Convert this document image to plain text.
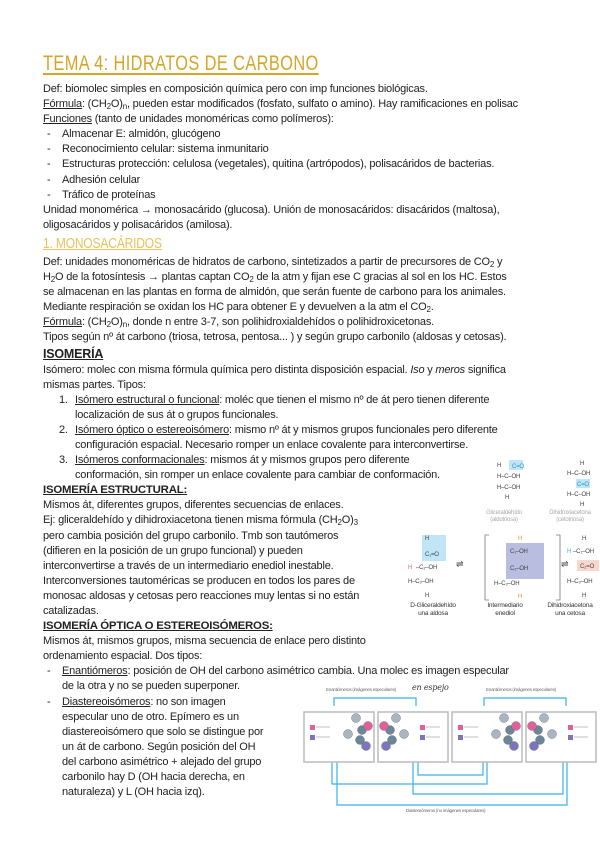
TEMA 4: HIDRATOS DE CARBONO
Def: biomolec simples en composición química pero con imp funciones biológicas.
Fórmula: $(CH_2O)_n$, pueden estar modificados (fosfato, sulfato o amino). Hay ramificaciones en polisac
Funciones (tanto de unidades monoméricas como polímeros):
- Almacenar E: almidón, glucógeno
- Reconocimiento celular: sistema inmunitario
- Estructuras protección: celulosa (vegetales), quitina (artrópodos), polisacáridos de bacterias.
- Adhesión celular
- Tráfico de proteínas
Unidad monomérica → monosacárido (glucosa). Unión de monosacáridos: disacáridos (maltosa),
oligosacáridos y polisacáridos (amilosa).
1. MONOSACÁRIDOS
Def: unidades monoméricas de hidratos de carbono, sintetizados a partir de precursores de $CO_2$ y
$H_2O$ de la fotosíntesis → plantas captan $CO_2$ de la atm y fijan ese C gracias al sol en los HC. Estos
se almacenan en las plantas en forma de almidón, que serán fuente de carbono para los animales.
Mediante respiración se oxidan los HC para obtener E y devuelven a la atm el $CO_2$.
Fórmula: $(CH_2O)_n$, donde n entre 3-7, son polihidroxialdehídos o polihidroxicetonas.
Tipos según nº át carbono (triosa, tetrosa, pentosa... ) y según grupo carbonilo (aldosas y cetosas).
ISOMERÍA
Isómero: molec con misma fórmula química pero distinta disposición espacial. Iso y meros significa
mismas partes. Tipos:
1. Isómero estructural o funcional: moléc que tienen el mismo nº de át pero tienen diferente
localización de sus át o grupos funcionales.
2. Isómero óptico o estereoisómero: mismo nº át y mismos grupos funcionales pero diferente
configuración espacial. Necesario romper un enlace covalente para interconvertirse.
3. Isómeros conformacionales: mismos át y mismos grupos pero diferente
conformación, sin romper un enlace covalente para cambiar de conformación.
ISOMERÍA ESTRUCTURAL:
Mismos át, diferentes grupos, diferentes secuencias de enlaces.
Ej: gliceraldehído y dihidroxiacetona tienen misma fórmula $(CH_2O)_3$
pero cambia posición del grupo carbonilo. Tmb son tautómeros
(difieren en la posición de un grupo funcional) y pueden
interconvertirse a través de un intermediario enediol inestable.
Interconversiones tautoméricas se producen en todos los pares de
monosac aldosas y cetosas pero reacciones muy lentas si no están
catalizadas.
ISOMERÍA ÓPTICA O ESTEREOISÓMEROS:
Mismos át, mismos grupos, misma secuencia de enlace pero distinto
ordenamiento espacial. Dos tipos:
- Enantiómeros: posición de OH del carbono asimétrico cambia. Una molec es imagen especular
de la otra y no se pueden superponer.
- Diastereoisómeros: no son imagen
especular uno de otro. Epímero es un
diastereoisómero que solo se distingue por
un át de carbono. Según posición del OH
del carbono asimétrico + alejado del grupo
carbonilo hay D (OH hacia derecha, en
naturaleza) y L (OH hacia izq).
H C=O
H–C–OH
H–C–OH
H
H
H–C–OH
C=O
H–C–OH
H
H
C₁=O
H –C₂–OH
H–C₃–OH
H
⇌
H
C₁–OH
C₂–OH
H–C₃–OH
H
⇌
H
H –C₁–OH
C₂=O
H–C₃–OH
H
Gliceraldehído (aldotriosa)
Dihidroxiacetona (cetotriosa)
D-Gliceraldehído
una aldosa
Intermediario
enediol
Dihidroxiacetona
una cetosa
Enantiómeros (imágenes especulares) en espejo	Enantiómeros (imágenes especulares)
Diastereómeros (no imágenes especulares)
